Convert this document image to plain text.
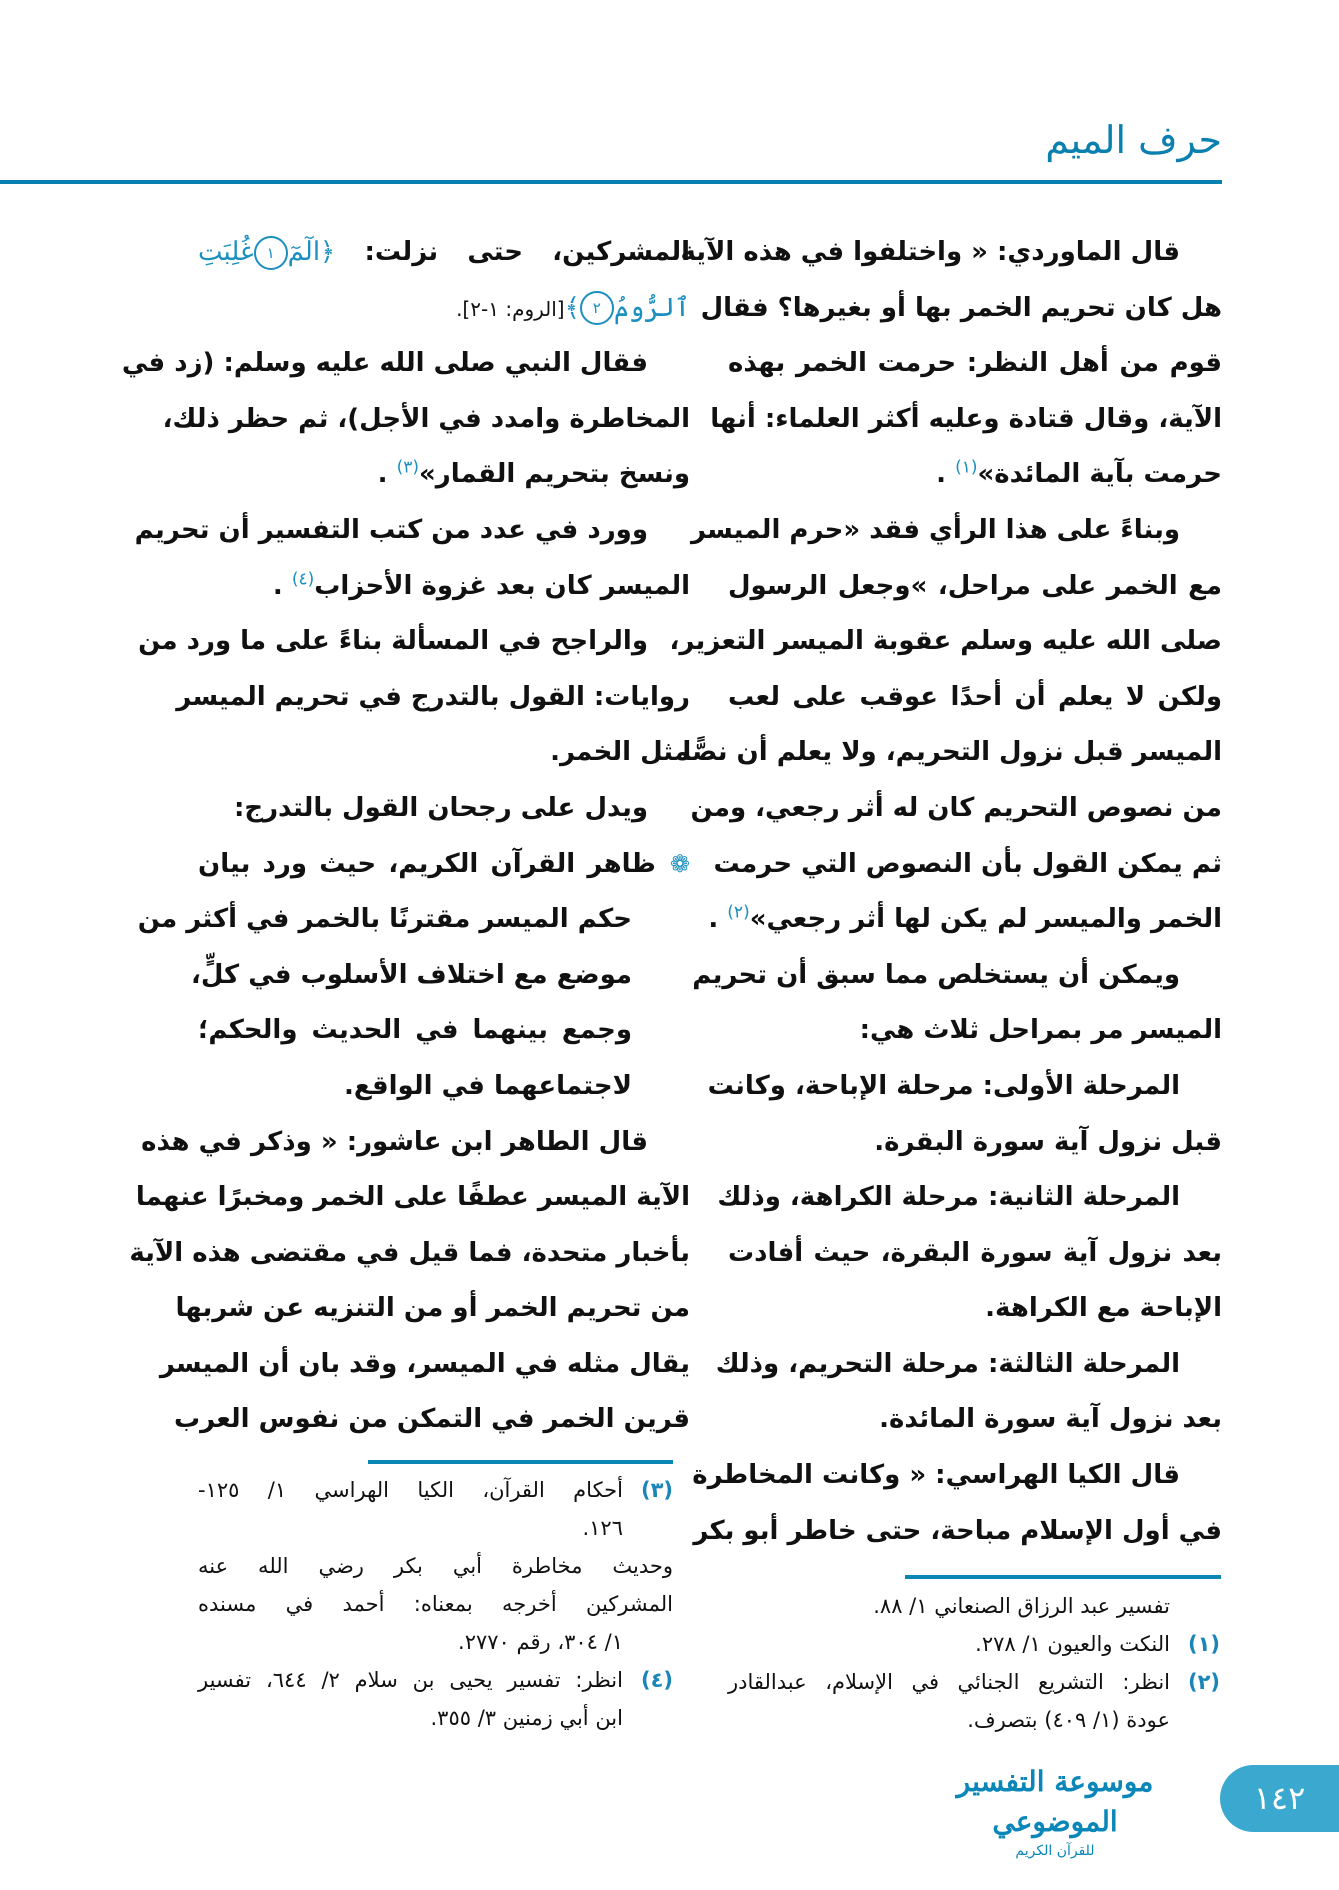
حرف الميم
قال الماوردي: « واختلفوا في هذه الآية
هل كان تحريم الخمر بها أو بغيرها؟ فقال
قوم من أهل النظر: حرمت الخمر بهذه
الآية، وقال قتادة وعليه أكثر العلماء: أنها
حرمت بآية المائدة»$^{(١)}$ .
وبناءً على هذا الرأي فقد «حرم الميسر
مع الخمر على مراحل، »وجعل الرسول
صلى الله عليه وسلم عقوبة الميسر التعزير،
ولكن لا يعلم أن أحدًا عوقب على لعب
الميسر قبل نزول التحريم، ولا يعلم أن نصًّا
من نصوص التحريم كان له أثر رجعي، ومن
ثم يمكن القول بأن النصوص التي حرمت
الخمر والميسر لم يكن لها أثر رجعي»$^{(٢)}$ .
ويمكن أن يستخلص مما سبق أن تحريم
الميسر مر بمراحل ثلاث هي:
المرحلة الأولى: مرحلة الإباحة، وكانت
قبل نزول آية سورة البقرة.
المرحلة الثانية: مرحلة الكراهة، وذلك
بعد نزول آية سورة البقرة، حيث أفادت
الإباحة مع الكراهة.
المرحلة الثالثة: مرحلة التحريم، وذلك
بعد نزول آية سورة المائدة.
قال الكيا الهراسي: « وكانت المخاطرة
في أول الإسلام مباحة، حتى خاطر أبو بكر
المشركين، حتى نزلت: ﴿الٓمٓ١غُلِبَتِ
ٱلرُّومُ٢﴾[الروم: ١-٢].
فقال النبي صلى الله عليه وسلم: (زد في
المخاطرة وامدد في الأجل)، ثم حظر ذلك،
ونسخ بتحريم القمار»$^{(٣)}$ .
وورد في عدد من كتب التفسير أن تحريم
الميسر كان بعد غزوة الأحزاب$^{(٤)}$ .
والراجح في المسألة بناءً على ما ورد من
روايات: القول بالتدرج في تحريم الميسر
مثل الخمر.
ويدل على رجحان القول بالتدرج:
❁ظاهر القرآن الكريم، حيث ورد بيان
حكم الميسر مقترنًا بالخمر في أكثر من
موضع مع اختلاف الأسلوب في كلٍّ،
وجمع بينهما في الحديث والحكم؛
لاجتماعهما في الواقع.
قال الطاهر ابن عاشور: « وذكر في هذه
الآية الميسر عطفًا على الخمر ومخبرًا عنهما
بأخبار متحدة، فما قيل في مقتضى هذه الآية
من تحريم الخمر أو من التنزيه عن شربها
يقال مثله في الميسر، وقد بان أن الميسر
قرين الخمر في التمكن من نفوس العرب
(٣)
أحكام القرآن، الكيا الهراسي ١/ ١٢٥-
١٢٦.
وحديث مخاطرة أبي بكر رضي الله عنه
المشركين أخرجه بمعناه: أحمد في مسنده
١/ ٣٠٤، رقم ٢٧٧٠.
(٤)
انظر: تفسير يحيى بن سلام ٢/ ٦٤٤، تفسير
ابن أبي زمنين ٣/ ٣٥٥.
تفسير عبد الرزاق الصنعاني ١/ ٨٨.
(١)
النكت والعيون ١/ ٢٧٨.
(٢)
انظر: التشريع الجنائي في الإسلام، عبدالقادر
عودة (١/ ٤٠٩) بتصرف.
موسوعة التفسير الموضوعي
للقرآن الكريم
١٤٢
